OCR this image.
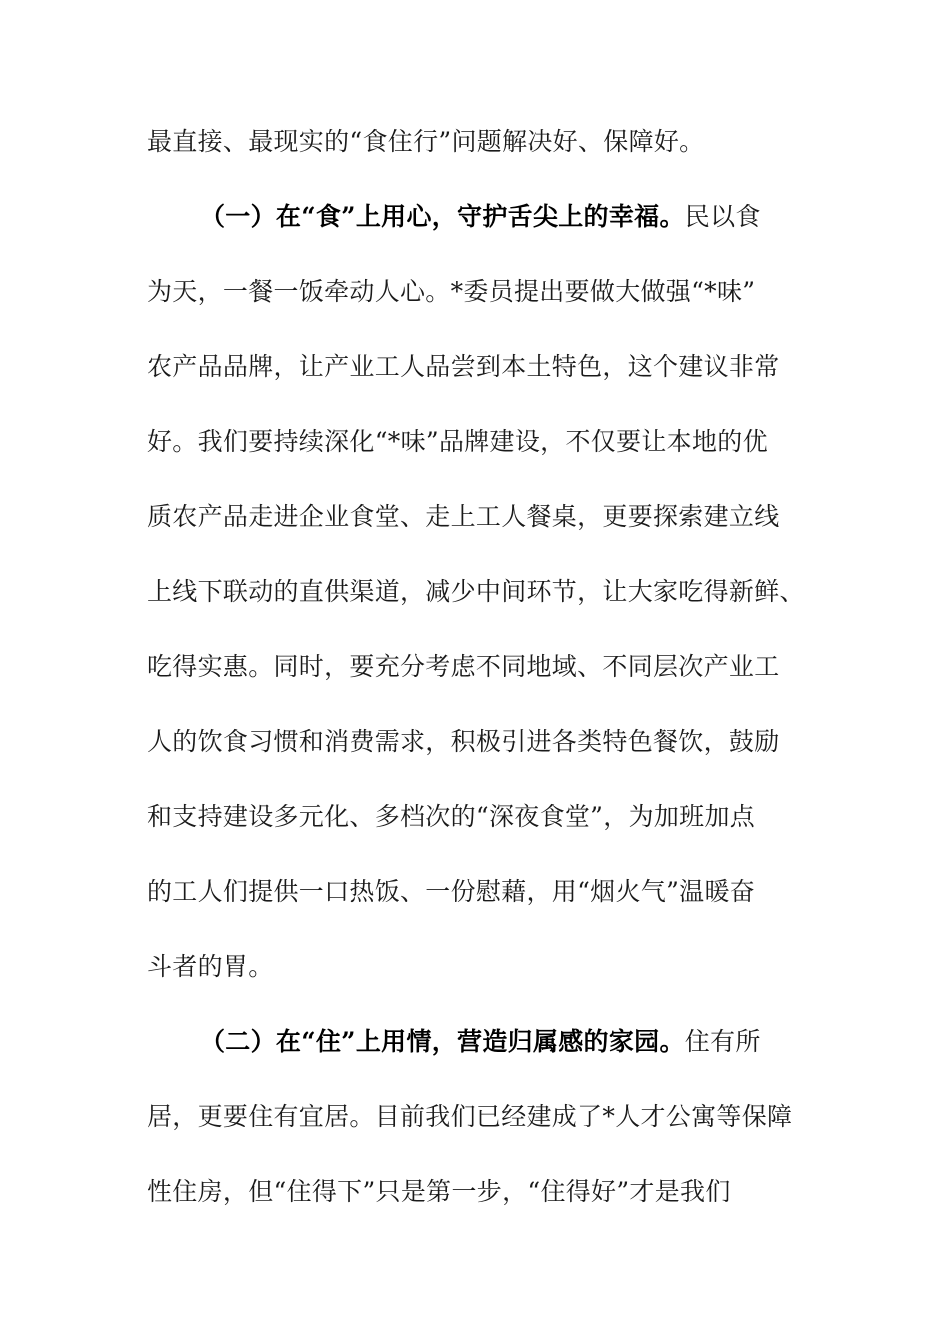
最直接、最现实的“食住行”问题解决好、保障好。
（一）在“食”上用心，守护舌尖上的幸福。民以食
为天，一餐一饭牵动人心。*委员提出要做大做强“*味”
农产品品牌，让产业工人品尝到本土特色，这个建议非常
好。我们要持续深化“*味”品牌建设，不仅要让本地的优
质农产品走进企业食堂、走上工人餐桌，更要探索建立线
上线下联动的直供渠道，减少中间环节，让大家吃得新鲜、
吃得实惠。同时，要充分考虑不同地域、不同层次产业工
人的饮食习惯和消费需求，积极引进各类特色餐饮，鼓励
和支持建设多元化、多档次的“深夜食堂”，为加班加点
的工人们提供一口热饭、一份慰藉，用“烟火气”温暖奋
斗者的胃。
（二）在“住”上用情，营造归属感的家园。住有所
居，更要住有宜居。目前我们已经建成了*人才公寓等保障
性住房，但“住得下”只是第一步，“住得好”才是我们
